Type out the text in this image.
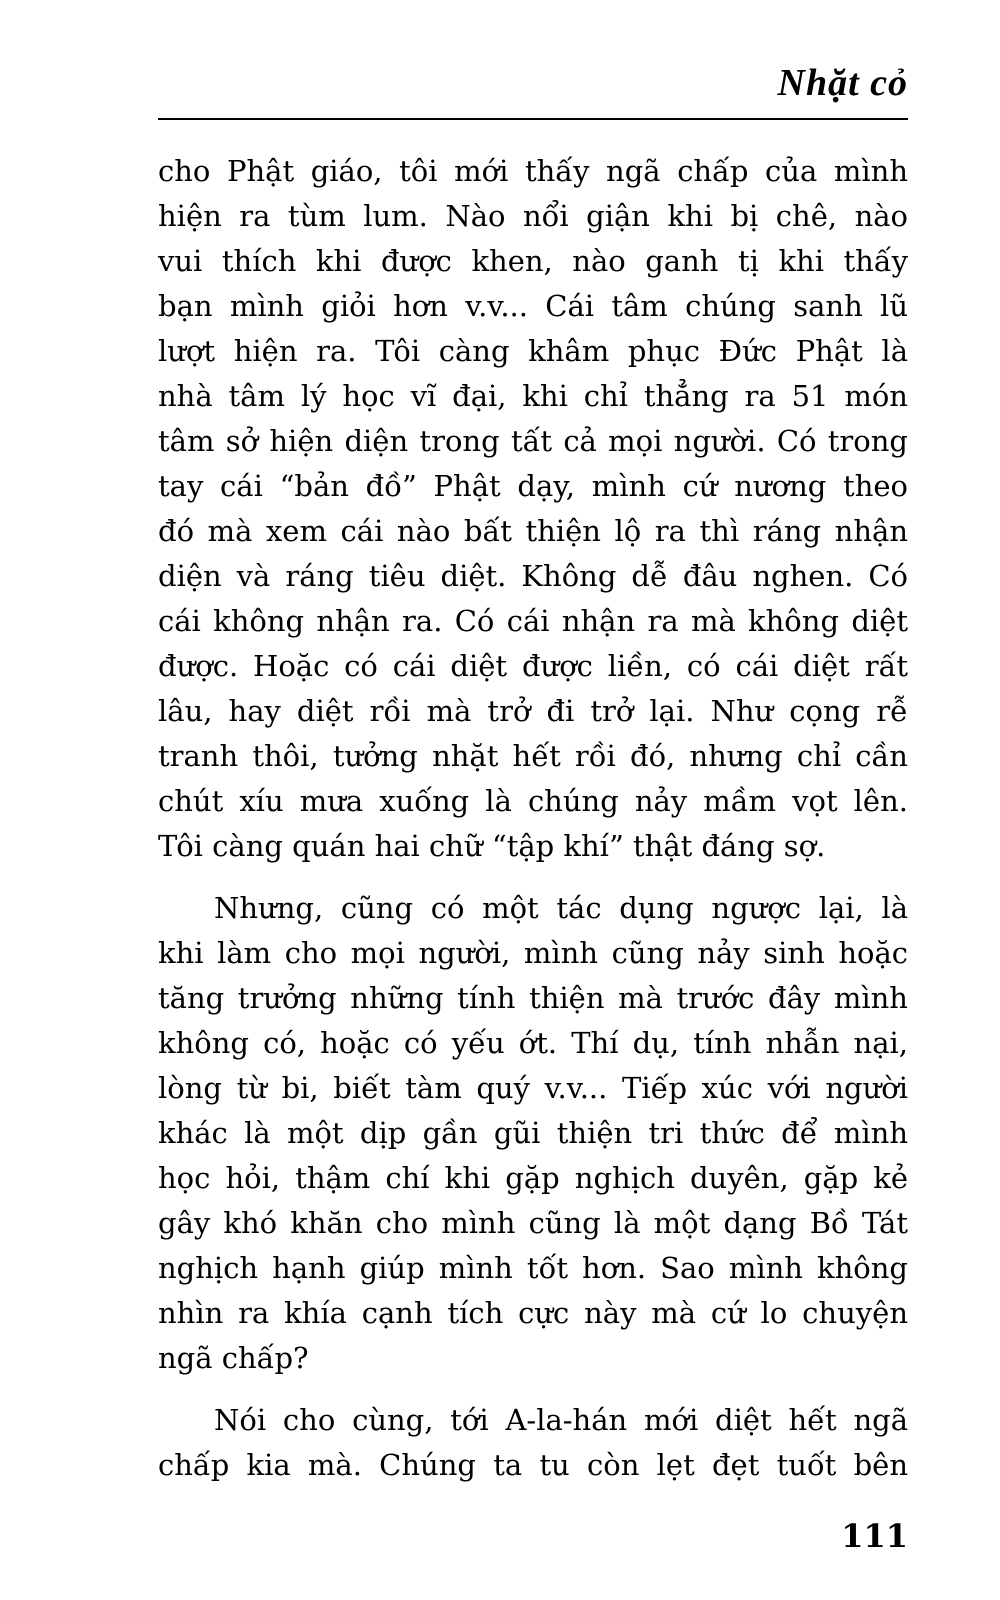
Nhặt cỏ
cho Phật giáo, tôi mới thấy ngã chấp của mình
hiện ra tùm lum. Nào nổi giận khi bị chê, nào
vui thích khi được khen, nào ganh tị khi thấy
bạn mình giỏi hơn v.v... Cái tâm chúng sanh lũ
lượt hiện ra. Tôi càng khâm phục Đức Phật là
nhà tâm lý học vĩ đại, khi chỉ thẳng ra 51 món
tâm sở hiện diện trong tất cả mọi người. Có trong
tay cái “bản đồ” Phật dạy, mình cứ nương theo
đó mà xem cái nào bất thiện lộ ra thì ráng nhận
diện và ráng tiêu diệt. Không dễ đâu nghen. Có
cái không nhận ra. Có cái nhận ra mà không diệt
được. Hoặc có cái diệt được liền, có cái diệt rất
lâu, hay diệt rồi mà trở đi trở lại. Như cọng rễ
tranh thôi, tưởng nhặt hết rồi đó, nhưng chỉ cần
chút xíu mưa xuống là chúng nảy mầm vọt lên.
Tôi càng quán hai chữ “tập khí” thật đáng sợ.
Nhưng, cũng có một tác dụng ngược lại, là
khi làm cho mọi người, mình cũng nảy sinh hoặc
tăng trưởng những tính thiện mà trước đây mình
không có, hoặc có yếu ớt. Thí dụ, tính nhẫn nại,
lòng từ bi, biết tàm quý v.v... Tiếp xúc với người
khác là một dịp gần gũi thiện tri thức để mình
học hỏi, thậm chí khi gặp nghịch duyên, gặp kẻ
gây khó khăn cho mình cũng là một dạng Bồ Tát
nghịch hạnh giúp mình tốt hơn. Sao mình không
nhìn ra khía cạnh tích cực này mà cứ lo chuyện
ngã chấp?
Nói cho cùng, tới A-la-hán mới diệt hết ngã
chấp kia mà. Chúng ta tu còn lẹt đẹt tuốt bên
111
